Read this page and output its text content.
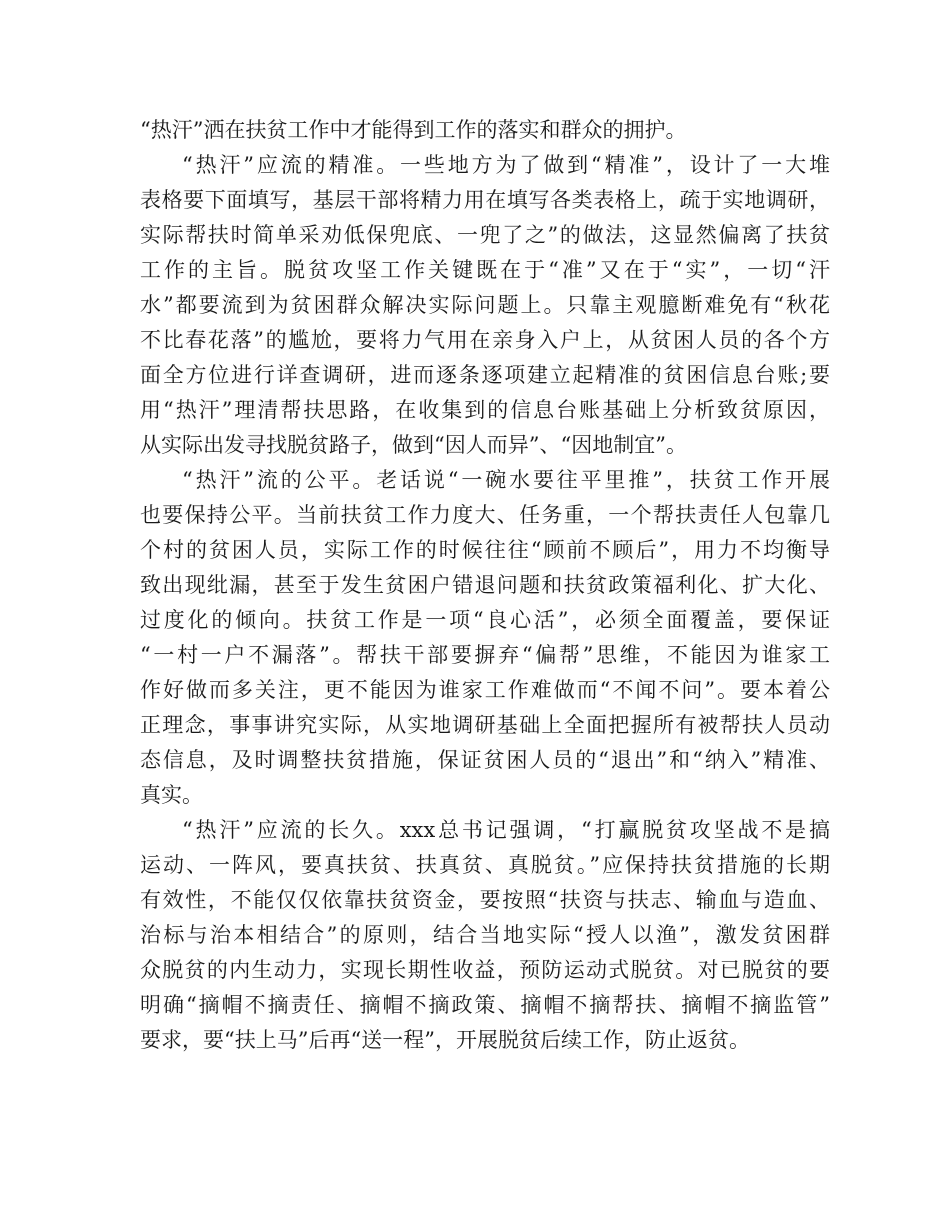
“热汗”洒在扶贫工作中才能得到工作的落实和群众的拥护。
“热汗”应流的精准。一些地方为了做到“精准”，设计了一大堆
表格要下面填写，基层干部将精力用在填写各类表格上，疏于实地调研，
实际帮扶时简单采劝低保兜底、一兜了之”的做法，这显然偏离了扶贫
工作的主旨。脱贫攻坚工作关键既在于“准”又在于“实”，一切“汗
水”都要流到为贫困群众解决实际问题上。只靠主观臆断难免有“秋花
不比春花落”的尴尬，要将力气用在亲身入户上，从贫困人员的各个方
面全方位进行详查调研，进而逐条逐项建立起精准的贫困信息台账;要
用“热汗”理清帮扶思路，在收集到的信息台账基础上分析致贫原因，
从实际出发寻找脱贫路子，做到“因人而异”、“因地制宜”。
“热汗”流的公平。老话说“一碗水要往平里推”，扶贫工作开展
也要保持公平。当前扶贫工作力度大、任务重，一个帮扶责任人包靠几
个村的贫困人员，实际工作的时候往往“顾前不顾后”，用力不均衡导
致出现纰漏，甚至于发生贫困户错退问题和扶贫政策福利化、扩大化、
过度化的倾向。扶贫工作是一项“良心活”，必须全面覆盖，要保证
“一村一户不漏落”。帮扶干部要摒弃“偏帮”思维，不能因为谁家工
作好做而多关注，更不能因为谁家工作难做而“不闻不问”。要本着公
正理念，事事讲究实际，从实地调研基础上全面把握所有被帮扶人员动
态信息，及时调整扶贫措施，保证贫困人员的“退出”和“纳入”精准、
真实。
“热汗”应流的长久。xxx总书记强调，“打赢脱贫攻坚战不是搞
运动、一阵风，要真扶贫、扶真贫、真脱贫。”应保持扶贫措施的长期
有效性，不能仅仅依靠扶贫资金，要按照“扶资与扶志、输血与造血、
治标与治本相结合”的原则，结合当地实际“授人以渔”，激发贫困群
众脱贫的内生动力，实现长期性收益，预防运动式脱贫。对已脱贫的要
明确“摘帽不摘责任、摘帽不摘政策、摘帽不摘帮扶、摘帽不摘监管”
要求，要“扶上马”后再“送一程”，开展脱贫后续工作，防止返贫。
